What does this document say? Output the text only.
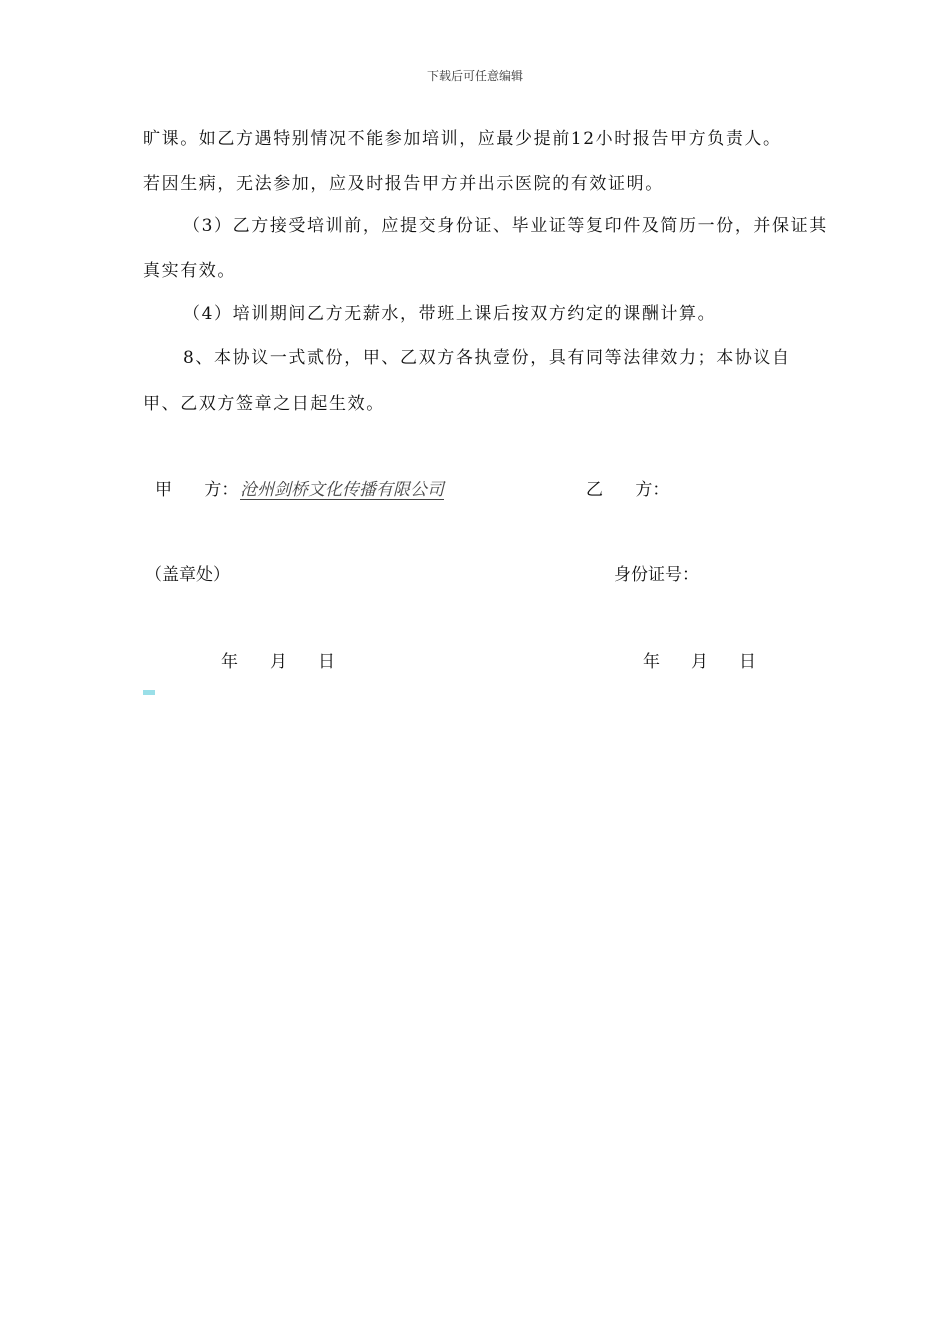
下载后可任意编辑
旷课。如乙方遇特别情况不能参加培训，应最少提前12小时报告甲方负责人。
若因生病，无法参加，应及时报告甲方并出示医院的有效证明。
（3）乙方接受培训前，应提交身份证、毕业证等复印件及简历一份，并保证其
真实有效。
（4）培训期间乙方无薪水，带班上课后按双方约定的课酬计算。
8、本协议一式贰份，甲、乙双方各执壹份，具有同等法律效力；本协议自
甲、乙双方签章之日起生效。
甲      方： 沧州剑桥文化传播有限公司	乙      方：
（盖章处）	身份证号：
年 月 日	年 月 日
